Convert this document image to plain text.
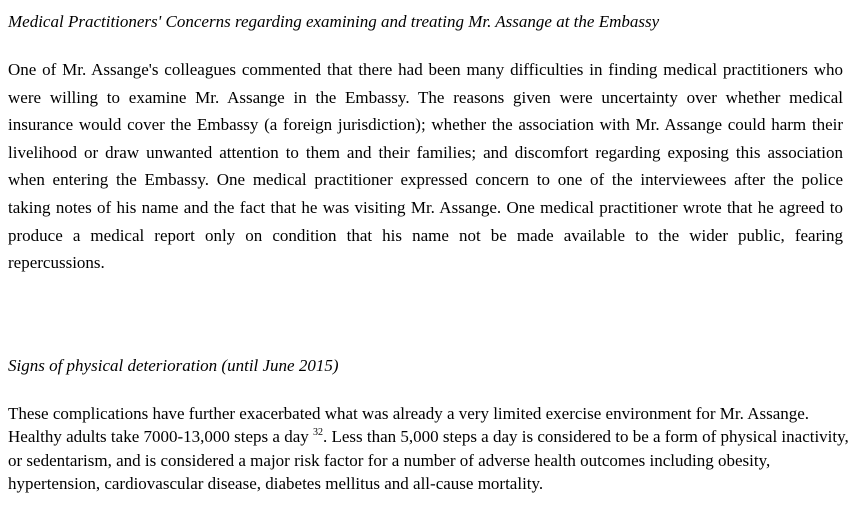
Medical Practitioners' Concerns regarding examining and treating Mr. Assange at the Embassy

One of Mr. Assange's colleagues commented that there had been many difficulties in finding medical practitioners who were willing to examine Mr. Assange in the Embassy. The reasons given were uncertainty over whether medical insurance would cover the Embassy (a foreign jurisdiction); whether the association with Mr. Assange could harm their livelihood or draw unwanted attention to them and their families; and discomfort regarding exposing this association when entering the Embassy. One medical practitioner expressed concern to one of the interviewees after the police taking notes of his name and the fact that he was visiting Mr. Assange. One medical practitioner wrote that he agreed to produce a medical report only on condition that his name not be made available to the wider public, fearing repercussions.

Signs of physical deterioration (until June 2015)

These complications have further exacerbated what was already a very limited exercise environment for Mr. Assange. Healthy adults take 7000-13,000 steps a day $^{32}$. Less than 5,000 steps a day is considered to be a form of physical inactivity, or sedentarism, and is considered a major risk factor for a number of adverse health outcomes including obesity, hypertension, cardiovascular disease, diabetes mellitus and all-cause mortality.
